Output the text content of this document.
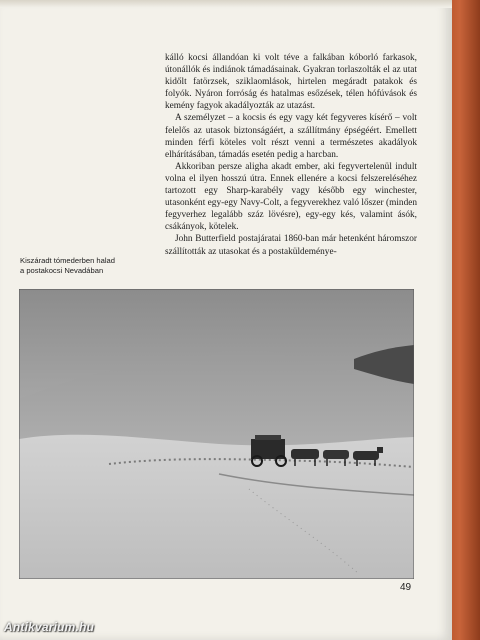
kálló kocsi állandóan ki volt téve a falkában kóborló farkasok, útonállók és indiánok támadásainak. Gyakran torlaszolták el az utat kidőlt fatörzsek, sziklaomlások, hirtelen megáradt patakok és folyók. Nyáron forróság és hatalmas esőzések, télen hófúvások és kemény fagyok akadályozták az utazást.

A személyzet – a kocsis és egy vagy két fegyveres kísérő – volt felelős az utasok biztonságáért, a szállítmány épségéért. Emellett minden férfi köteles volt részt venni a természetes akadályok elhárításában, támadás esetén pedig a harcban.

Akkoriban persze aligha akadt ember, aki fegyvertelenül indult volna el ilyen hosszú útra. Ennek ellenére a kocsi felszereléséhez tartozott egy Sharp-karabély vagy később egy winchester, utasonként egy-egy Navy-Colt, a fegyverekhez való lőszer (minden fegyverhez legalább száz lövésre), egy-egy kés, valamint ásók, csákányok, kötelek.

John Butterfield postajáratai 1860-ban már hetenként háromszor szállították az utasokat és a postaküldeménye-

Kiszáradt tómederben halad
a postakocsi Nevadában
49
Antikvarium.hu
